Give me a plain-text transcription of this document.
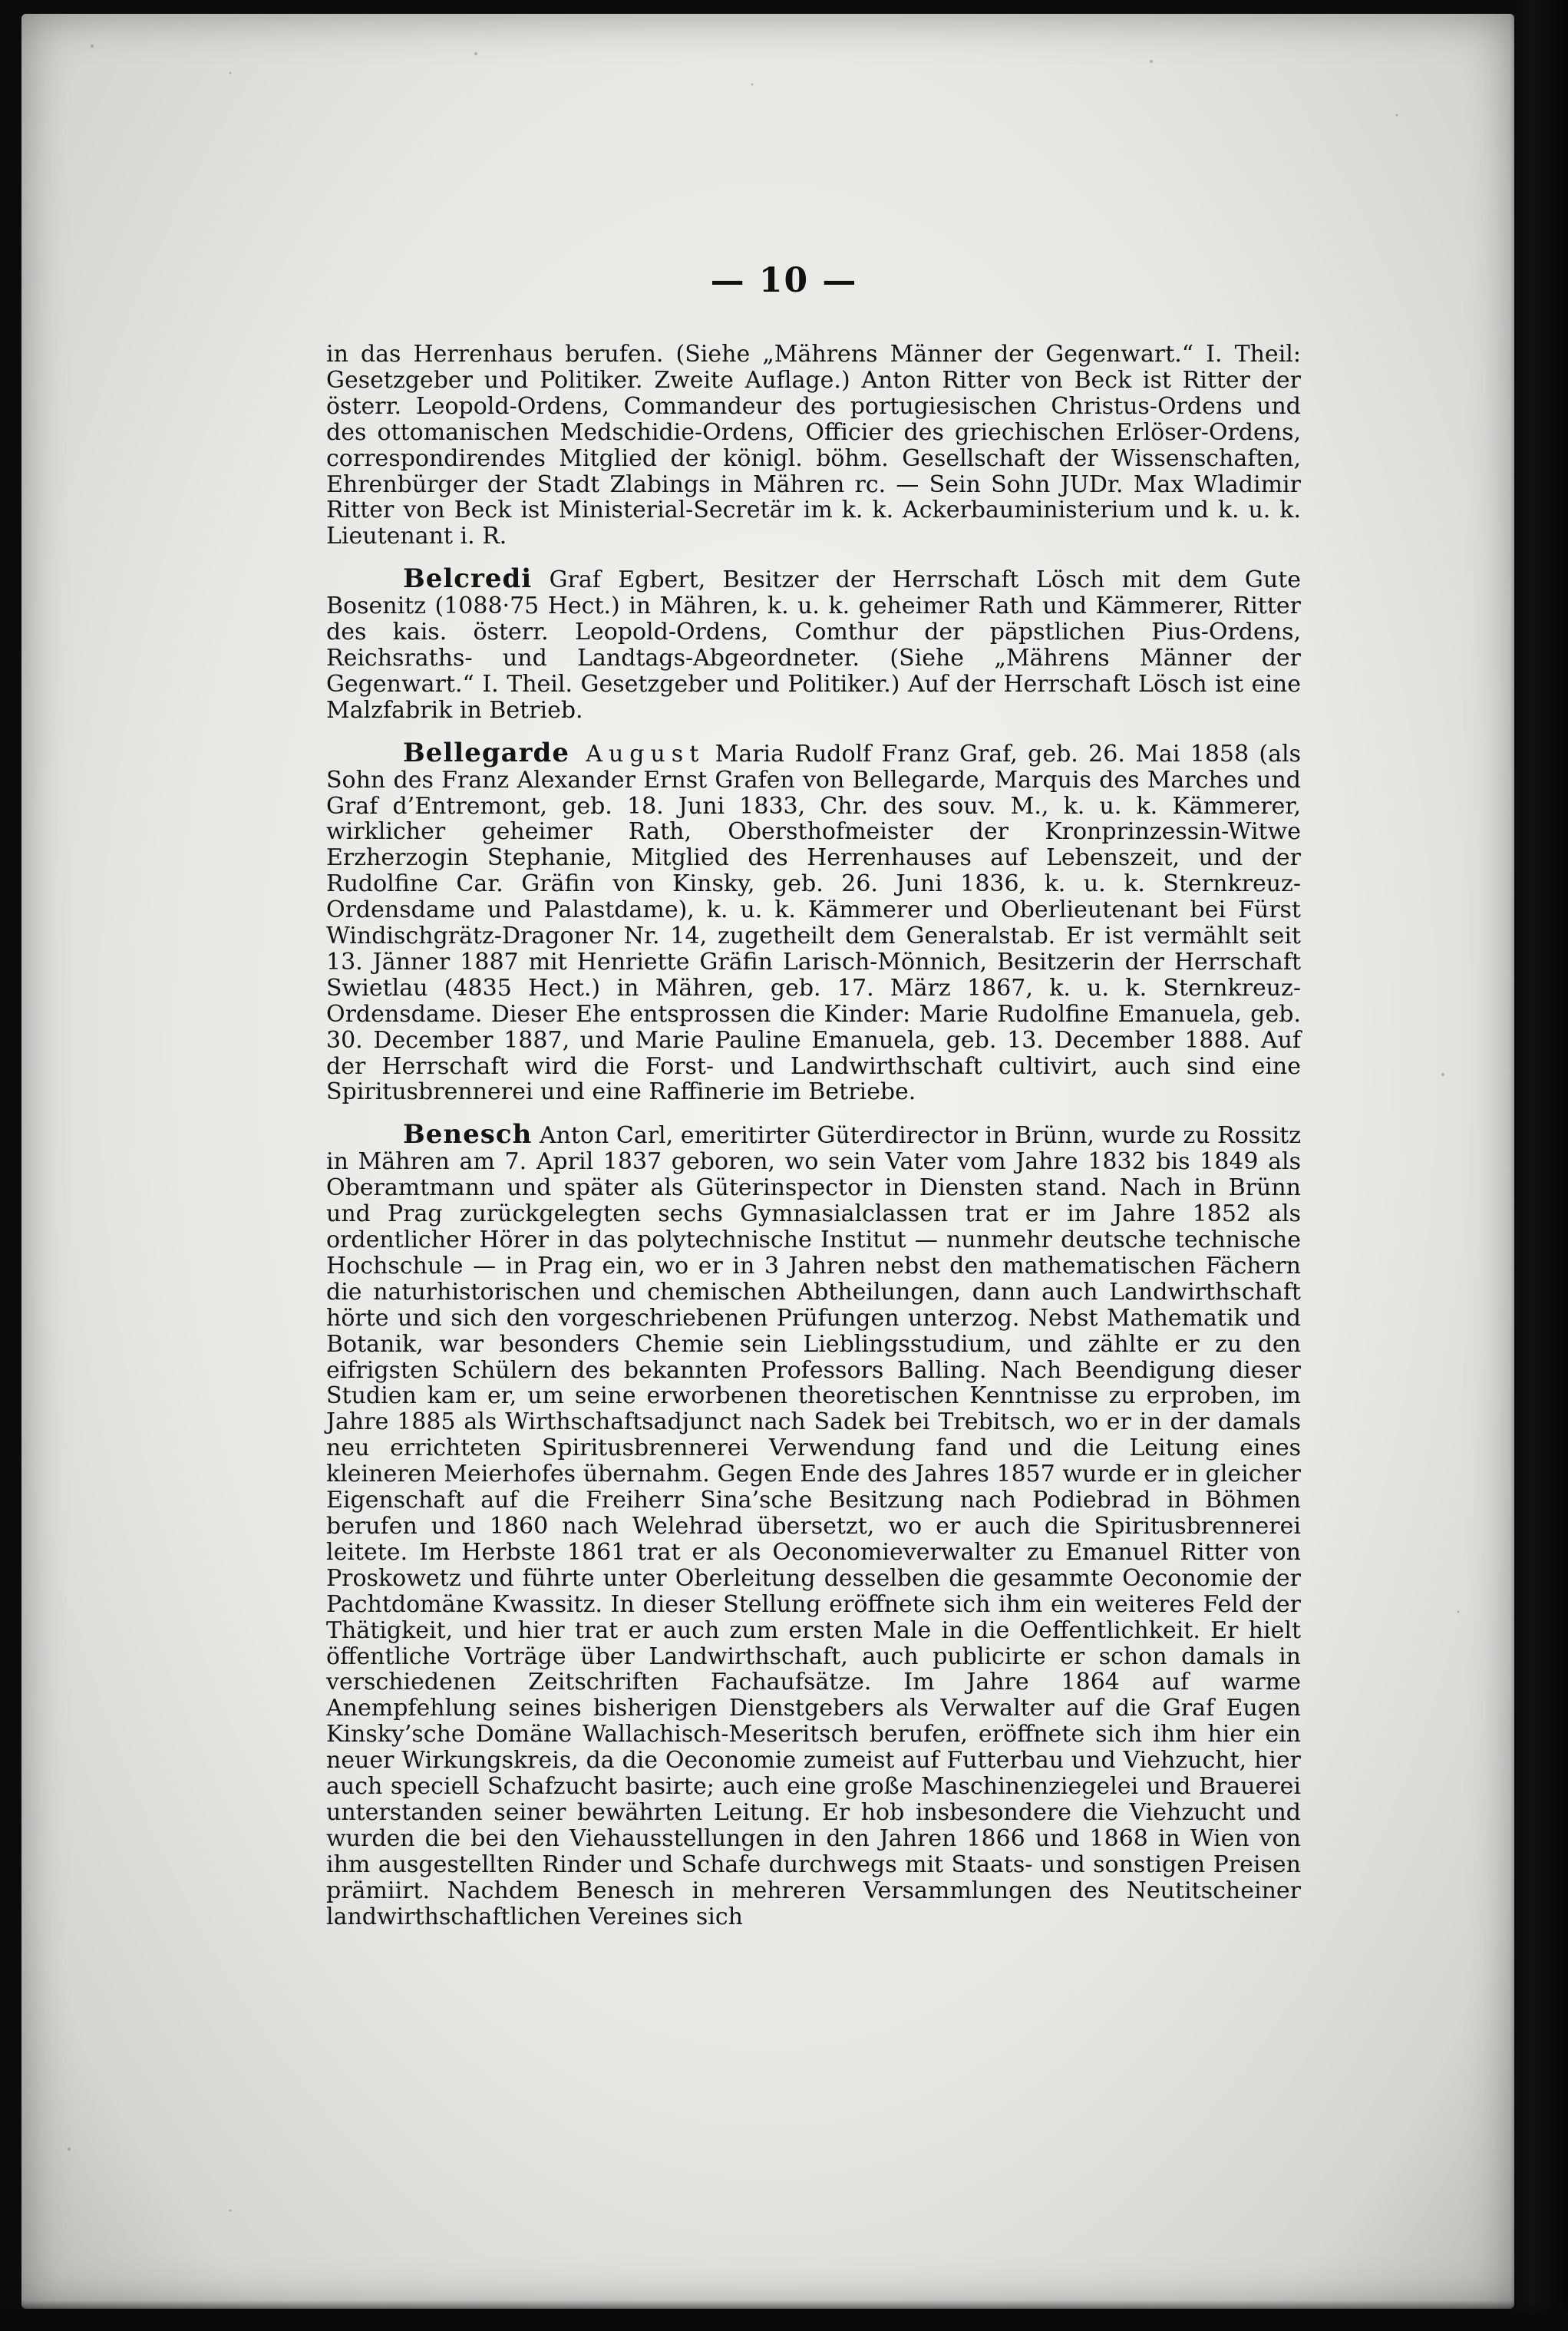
— 10 —

in das Herrenhaus berufen. (Siehe „Mährens Männer der Gegenwart.“ I. Theil: Gesetzgeber und Politiker. Zweite Auflage.) Anton Ritter von Beck ist Ritter der österr. Leopold-Ordens, Commandeur des portugiesischen Christus-Ordens und des ottomanischen Medschidie-Ordens, Officier des griechischen Erlöser-Ordens, correspondirendes Mitglied der königl. böhm. Gesellschaft der Wissenschaften, Ehrenbürger der Stadt Zlabings in Mähren rc. — Sein Sohn JUDr. Max Wladimir Ritter von Beck ist Ministerial-Secretär im k. k. Ackerbauministerium und k. u. k. Lieutenant i. R.

Belcredi Graf Egbert, Besitzer der Herrschaft Lösch mit dem Gute Bosenitz (1088·75 Hect.) in Mähren, k. u. k. geheimer Rath und Kämmerer, Ritter des kais. österr. Leopold-Ordens, Comthur der päpstlichen Pius-Ordens, Reichsraths- und Landtags-Abgeordneter. (Siehe „Mährens Männer der Gegenwart.“ I. Theil. Gesetzgeber und Politiker.) Auf der Herrschaft Lösch ist eine Malzfabrik in Betrieb.

Bellegarde August Maria Rudolf Franz Graf, geb. 26. Mai 1858 (als Sohn des Franz Alexander Ernst Grafen von Bellegarde, Marquis des Marches und Graf d’Entremont, geb. 18. Juni 1833, Chr. des souv. M., k. u. k. Kämmerer, wirklicher geheimer Rath, Obersthofmeister der Kronprinzessin-Witwe Erzherzogin Stephanie, Mitglied des Herrenhauses auf Lebenszeit, und der Rudolfine Car. Gräfin von Kinsky, geb. 26. Juni 1836, k. u. k. Sternkreuz-Ordensdame und Palastdame), k. u. k. Kämmerer und Oberlieutenant bei Fürst Windischgrätz-Dragoner Nr. 14, zugetheilt dem Generalstab. Er ist vermählt seit 13. Jänner 1887 mit Henriette Gräfin Larisch-Mönnich, Besitzerin der Herrschaft Swietlau (4835 Hect.) in Mähren, geb. 17. März 1867, k. u. k. Sternkreuz-Ordensdame. Dieser Ehe entsprossen die Kinder: Marie Rudolfine Emanuela, geb. 30. December 1887, und Marie Pauline Emanuela, geb. 13. December 1888. Auf der Herrschaft wird die Forst- und Landwirthschaft cultivirt, auch sind eine Spiritusbrennerei und eine Raffinerie im Betriebe.

Benesch Anton Carl, emeritirter Güterdirector in Brünn, wurde zu Rossitz in Mähren am 7. April 1837 geboren, wo sein Vater vom Jahre 1832 bis 1849 als Oberamtmann und später als Güterinspector in Diensten stand. Nach in Brünn und Prag zurückgelegten sechs Gymnasialclassen trat er im Jahre 1852 als ordentlicher Hörer in das polytechnische Institut — nunmehr deutsche technische Hochschule — in Prag ein, wo er in 3 Jahren nebst den mathematischen Fächern die naturhistorischen und chemischen Abtheilungen, dann auch Landwirthschaft hörte und sich den vorgeschriebenen Prüfungen unterzog. Nebst Mathematik und Botanik, war besonders Chemie sein Lieblingsstudium, und zählte er zu den eifrigsten Schülern des bekannten Professors Balling. Nach Beendigung dieser Studien kam er, um seine erworbenen theoretischen Kenntnisse zu erproben, im Jahre 1885 als Wirthschaftsadjunct nach Sadek bei Trebitsch, wo er in der damals neu errichteten Spiritusbrennerei Verwendung fand und die Leitung eines kleineren Meierhofes übernahm. Gegen Ende des Jahres 1857 wurde er in gleicher Eigenschaft auf die Freiherr Sina’sche Besitzung nach Podiebrad in Böhmen berufen und 1860 nach Welehrad übersetzt, wo er auch die Spiritusbrennerei leitete. Im Herbste 1861 trat er als Oeconomieverwalter zu Emanuel Ritter von Proskowetz und führte unter Oberleitung desselben die gesammte Oeconomie der Pachtdomäne Kwassitz. In dieser Stellung eröffnete sich ihm ein weiteres Feld der Thätigkeit, und hier trat er auch zum ersten Male in die Oeffentlichkeit. Er hielt öffentliche Vorträge über Landwirthschaft, auch publicirte er schon damals in verschiedenen Zeitschriften Fachaufsätze. Im Jahre 1864 auf warme Anempfehlung seines bisherigen Dienstgebers als Verwalter auf die Graf Eugen Kinsky’sche Domäne Wallachisch-Meseritsch berufen, eröffnete sich ihm hier ein neuer Wirkungskreis, da die Oeconomie zumeist auf Futterbau und Viehzucht, hier auch speciell Schafzucht basirte; auch eine große Maschinenziegelei und Brauerei unterstanden seiner bewährten Leitung. Er hob insbesondere die Viehzucht und wurden die bei den Viehausstellungen in den Jahren 1866 und 1868 in Wien von ihm ausgestellten Rinder und Schafe durchwegs mit Staats- und sonstigen Preisen prämiirt. Nachdem Benesch in mehreren Versammlungen des Neutitscheiner landwirthschaftlichen Vereines sich
